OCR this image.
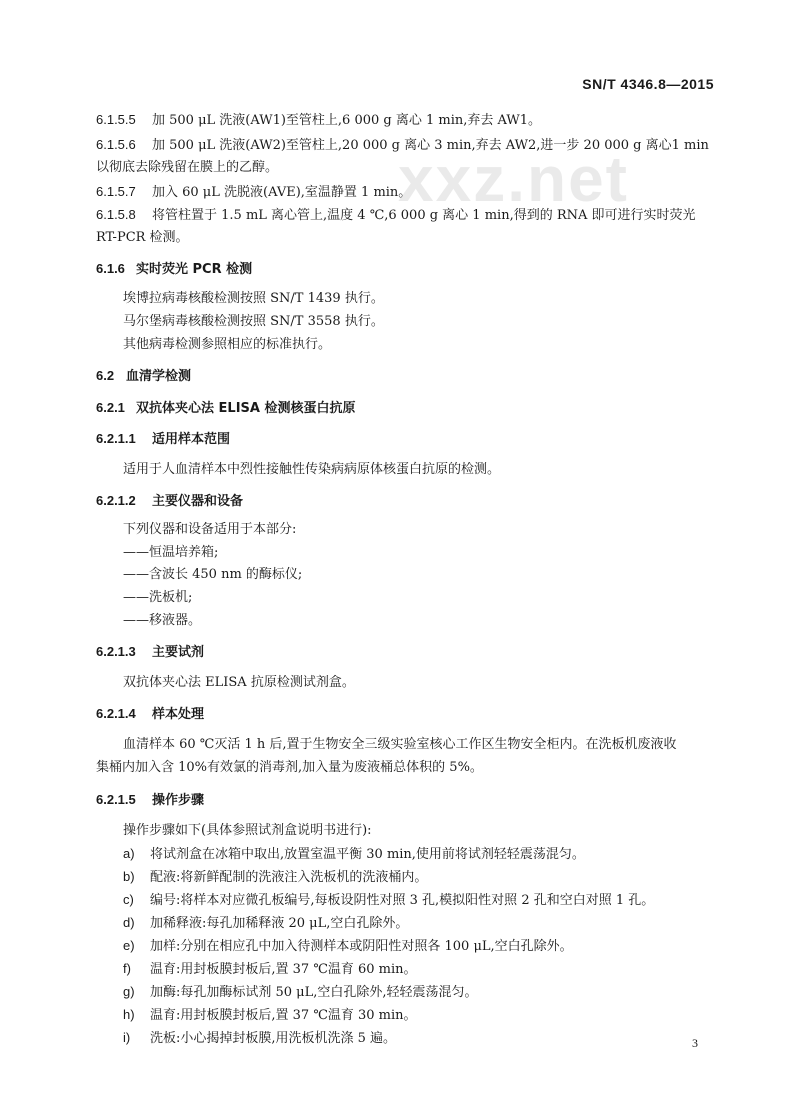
SN/T 4346.8—2015
xxz.net
6.1.5.5 加 500 μL 洗液(AW1)至管柱上,6 000 g 离心 1 min,弃去 AW1。
6.1.5.6 加 500 μL 洗液(AW2)至管柱上,20 000 g 离心 3 min,弃去 AW2,进一步 20 000 g 离心1 min
以彻底去除残留在膜上的乙醇。
6.1.5.7 加入 60 μL 洗脱液(AVE),室温静置 1 min。
6.1.5.8 将管柱置于 1.5 mL 离心管上,温度 4 ℃,6 000 g 离心 1 min,得到的 RNA 即可进行实时荧光
RT-PCR 检测。
6.1.6 实时荧光 PCR 检测
埃博拉病毒核酸检测按照 SN/T 1439 执行。
马尔堡病毒核酸检测按照 SN/T 3558 执行。
其他病毒检测参照相应的标准执行。
6.2 血清学检测
6.2.1 双抗体夹心法 ELISA 检测核蛋白抗原
6.2.1.1 适用样本范围
适用于人血清样本中烈性接触性传染病病原体核蛋白抗原的检测。
6.2.1.2 主要仪器和设备
下列仪器和设备适用于本部分:
——恒温培养箱;
——含波长 450 nm 的酶标仪;
——洗板机;
——移液器。
6.2.1.3 主要试剂
双抗体夹心法 ELISA 抗原检测试剂盒。
6.2.1.4 样本处理
血清样本 60 ℃灭活 1 h 后,置于生物安全三级实验室核心工作区生物安全柜内。在洗板机废液收
集桶内加入含 10%有效氯的消毒剂,加入量为废液桶总体积的 5%。
6.2.1.5 操作步骤
操作步骤如下(具体参照试剂盒说明书进行):
a) 将试剂盒在冰箱中取出,放置室温平衡 30 min,使用前将试剂轻轻震荡混匀。
b) 配液:将新鲜配制的洗液注入洗板机的洗液桶内。
c) 编号:将样本对应微孔板编号,每板设阴性对照 3 孔,模拟阳性对照 2 孔和空白对照 1 孔。
d) 加稀释液:每孔加稀释液 20 μL,空白孔除外。
e) 加样:分别在相应孔中加入待测样本或阴阳性对照各 100 μL,空白孔除外。
f) 温育:用封板膜封板后,置 37 ℃温育 60 min。
g) 加酶:每孔加酶标试剂 50 μL,空白孔除外,轻轻震荡混匀。
h) 温育:用封板膜封板后,置 37 ℃温育 30 min。
i) 洗板:小心揭掉封板膜,用洗板机洗涤 5 遍。	3
